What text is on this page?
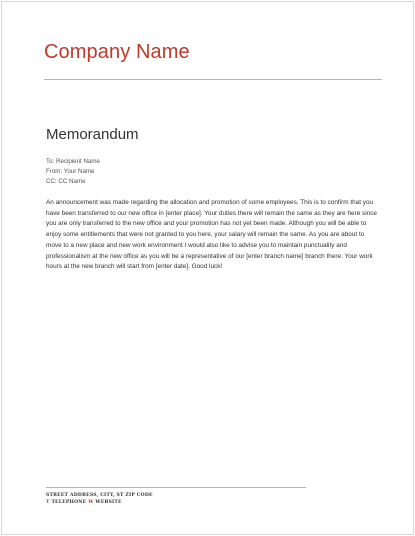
Company Name
Memorandum
To: Recipient Name
From: Your Name
CC: CC Name
An announcement was made regarding the allocation and promotion of some employees. This is to confirm that you have been transferred to our new office in [enter place]. Your duties there will remain the same as they are here since you are only transferred to the new office and your promotion has not yet been made. Although you will be able to enjoy some entitlements that were not granted to you here, your salary will remain the same. As you are about to move to a new place and new work environment I would also like to advise you to maintain punctuality and professionalism at the new office as you will be a representative of our [enter branch name] branch there. Your work hours at the new branch will start from [enter date]. Good luck!
STREET ADDRESS, CITY, ST ZIP CODE
T TELEPHONE W WEBSITE
